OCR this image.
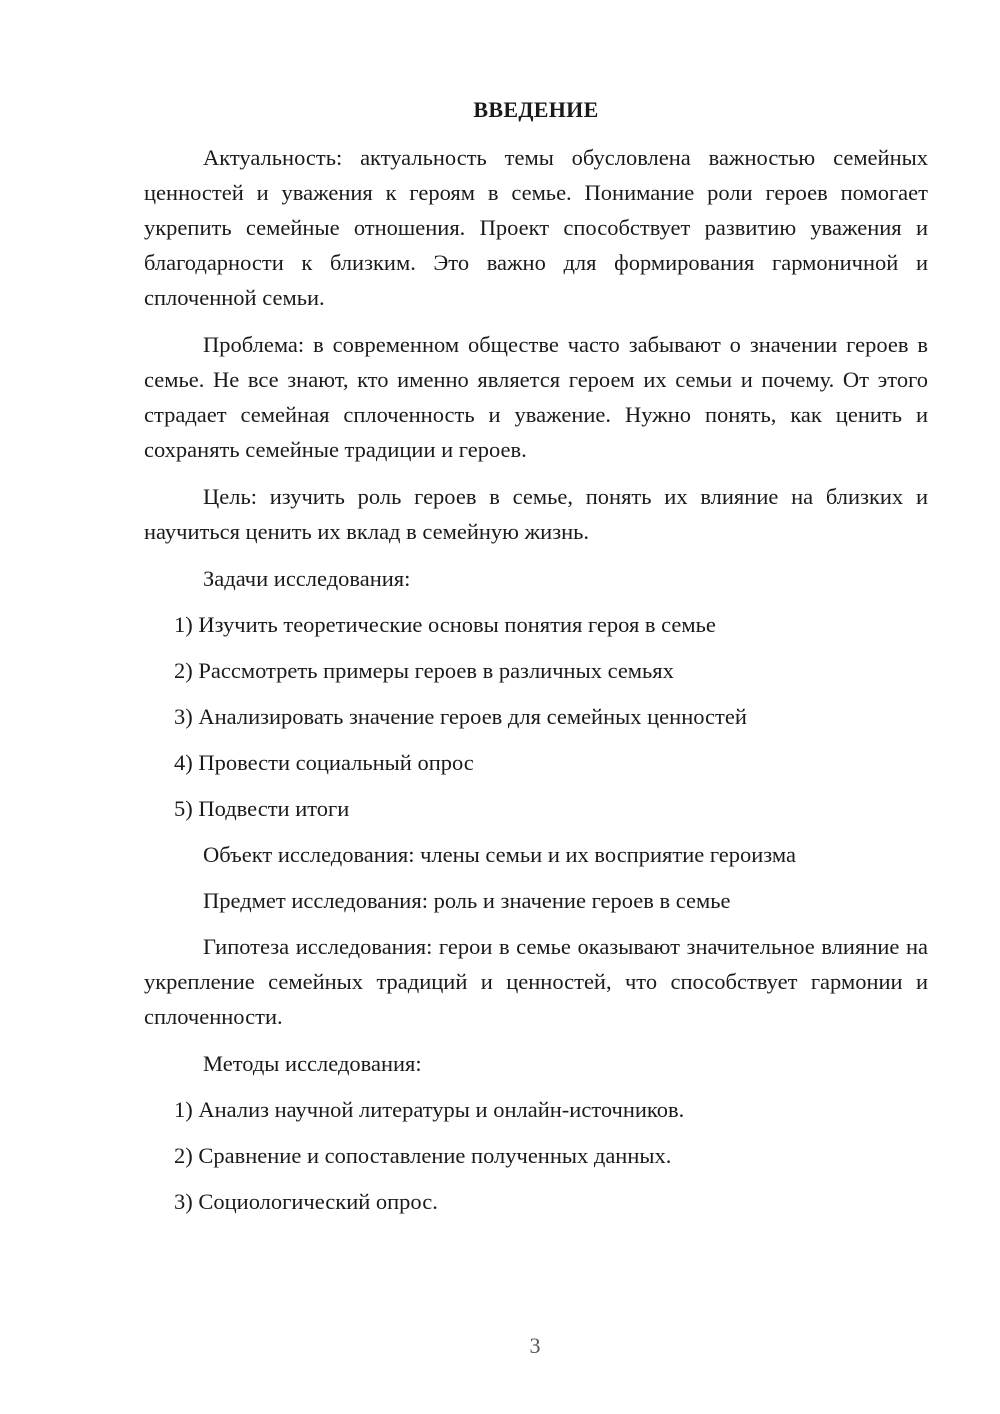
ВВЕДЕНИЕ

Актуальность: актуальность темы обусловлена важностью семейных ценностей и уважения к героям в семье. Понимание роли героев помогает укрепить семейные отношения. Проект способствует развитию уважения и благодарности к близким. Это важно для формирования гармоничной и сплоченной семьи.

Проблема: в современном обществе часто забывают о значении героев в семье. Не все знают, кто именно является героем их семьи и почему. От этого страдает семейная сплоченность и уважение. Нужно понять, как ценить и сохранять семейные традиции и героев.

Цель: изучить роль героев в семье, понять их влияние на близких и научиться ценить их вклад в семейную жизнь.

Задачи исследования:
1) Изучить теоретические основы понятия героя в семье
2) Рассмотреть примеры героев в различных семьях
3) Анализировать значение героев для семейных ценностей
4) Провести социальный опрос
5) Подвести итоги
Объект исследования: члены семьи и их восприятие героизма
Предмет исследования: роль и значение героев в семье

Гипотеза исследования: герои в семье оказывают значительное влияние на укрепление семейных традиций и ценностей, что способствует гармонии и сплоченности.

Методы исследования:
1) Анализ научной литературы и онлайн-источников.
2) Сравнение и сопоставление полученных данных.
3) Социологический опрос.
3
